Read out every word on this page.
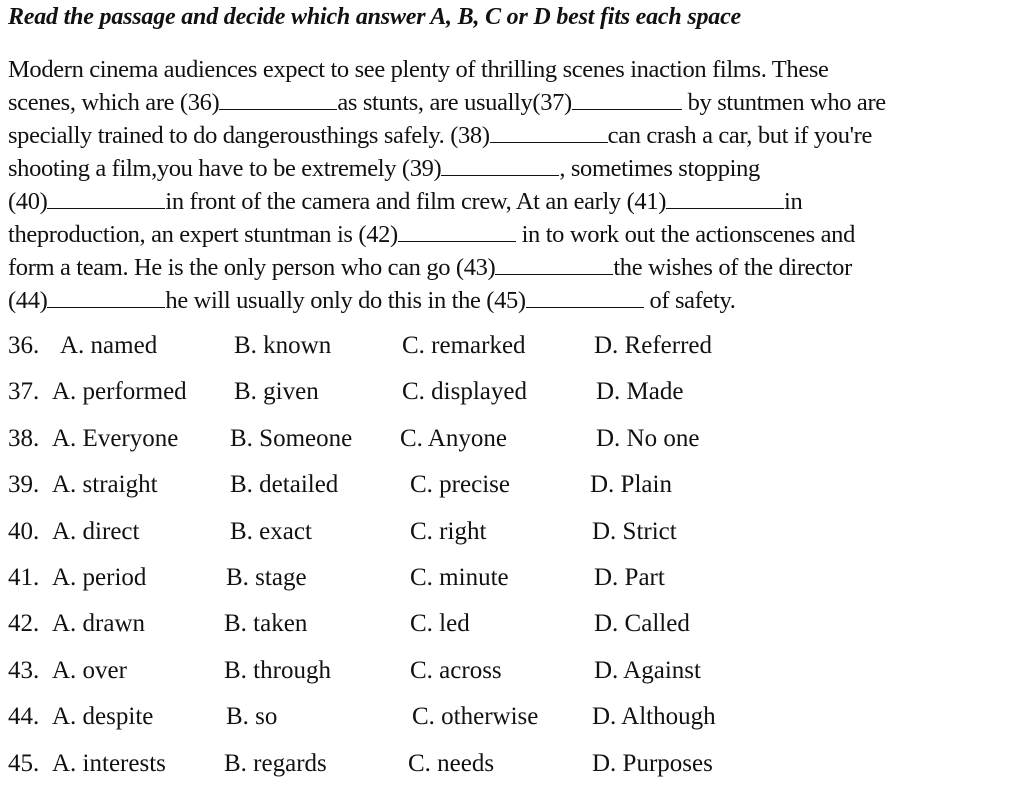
Read the passage and decide which answer A, B, C or D best fits each space
Modern cinema audiences expect to see plenty of thrilling scenes inaction films. These
scenes, which are (36)	as stunts, are usually(37)	by stuntmen who are
specially trained to do dangerousthings safely. (38)	can crash a car, but if you're
shooting a film,you have to be extremely (39)	, sometimes stopping
(40)	in front of the camera and film crew, At an early (41)	in
theproduction, an expert stuntman is (42)	in to work out the actionscenes and
form a team. He is the only person who can go (43)	the wishes of the director
(44)	he will usually only do this in the (45)	of safety.
36. A. named	B. known	C. remarked	D. Referred
37. A. performed B. given	C. displayed	D. Made
38. A. Everyone B. Someone C. Anyone	D. No one
39. A. straight	B. detailed	C. precise	D. Plain
40. A. direct	B. exact	C. right	D. Strict
41. A. period	B. stage	C. minute	D. Part
42. A. drawn	B. taken	C. led	D. Called
43. A. over	B. through	C. across	D. Against
44. A. despite	B. so	C. otherwise D. Although
45. A. interests B. regards	C. needs	D. Purposes
